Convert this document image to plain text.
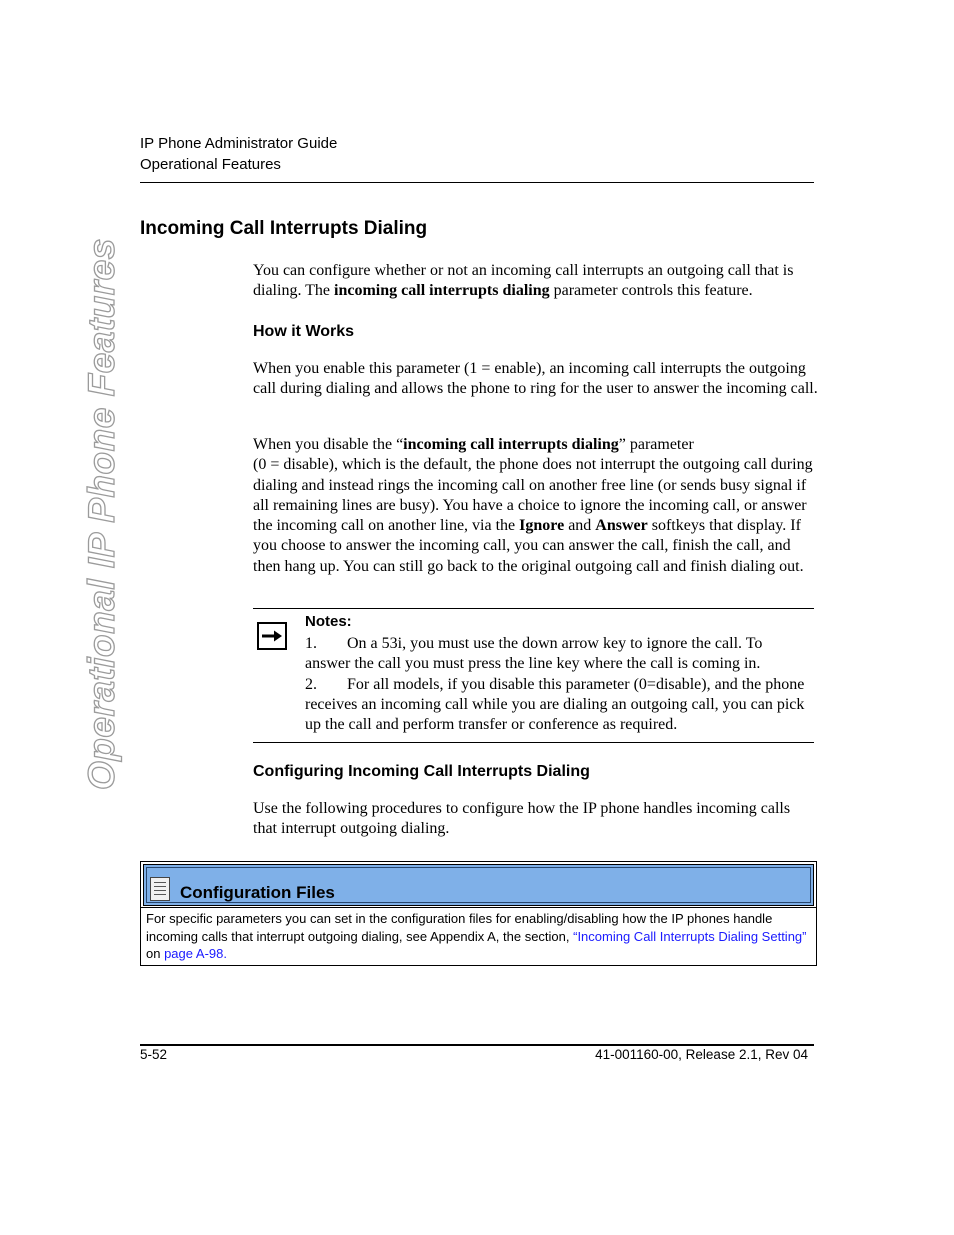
IP Phone Administrator Guide
Operational Features
Operational IP Phone Features
Incoming Call Interrupts Dialing
You can configure whether or not an incoming call interrupts an outgoing call that is dialing. The incoming call interrupts dialing parameter controls this feature.
How it Works
When you enable this parameter (1 = enable), an incoming call interrupts the outgoing call during dialing and allows the phone to ring for the user to answer the incoming call.
When you disable the “incoming call interrupts dialing” parameter
(0 = disable), which is the default, the phone does not interrupt the outgoing call during dialing and instead rings the incoming call on another free line (or sends busy signal if all remaining lines are busy). You have a choice to ignore the incoming call, or answer the incoming call on another line, via the Ignore and Answer softkeys that display. If you choose to answer the incoming call, you can answer the call, finish the call, and then hang up. You can still go back to the original outgoing call and finish dialing out.
Notes:

1. On a 53i, you must use the down arrow key to ignore the call. To answer the call you must press the line key where the call is coming in.

2. For all models, if you disable this parameter (0=disable), and the phone receives an incoming call while you are dialing an outgoing call, you can pick up the call and perform transfer or conference as required.

Configuring Incoming Call Interrupts Dialing
Use the following procedures to configure how the IP phone handles incoming calls that interrupt outgoing dialing.
Configuration Files
For specific parameters you can set in the configuration files for enabling/disabling how the IP phones handle incoming calls that interrupt outgoing dialing, see Appendix A, the section, “Incoming Call Interrupts Dialing Setting” on page A-98.
5-52	41-001160-00, Release 2.1, Rev 04
